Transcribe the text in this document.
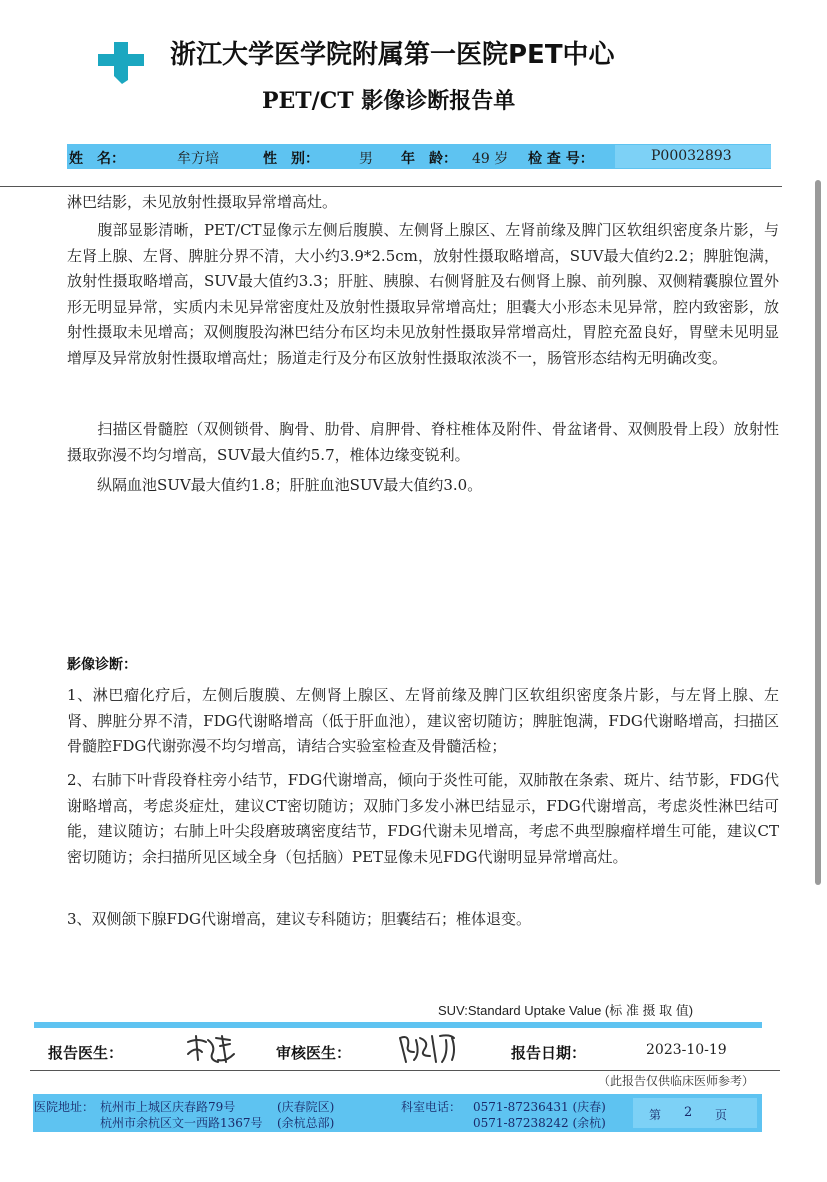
浙江大学医学院附属第一医院PET中心
PET/CT 影像诊断报告单
姓　名：	牟方培	性　别：	男 年　龄： 49 岁 检 查 号：	P00032893
淋巴结影，未见放射性摄取异常增高灶。
　　腹部显影清晰，PET/CT显像示左侧后腹膜、左侧肾上腺区、左肾前缘及脾门区软组织密度条片影，与左肾上腺、左肾、脾脏分界不清，大小约3.9*2.5cm，放射性摄取略增高，SUV最大值约2.2；脾脏饱满，放射性摄取略增高，SUV最大值约3.3；肝脏、胰腺、右侧肾脏及右侧肾上腺、前列腺、双侧精囊腺位置外形无明显异常，实质内未见异常密度灶及放射性摄取异常增高灶；胆囊大小形态未见异常，腔内致密影，放射性摄取未见增高；双侧腹股沟淋巴结分布区均未见放射性摄取异常增高灶，胃腔充盈良好，胃壁未见明显增厚及异常放射性摄取增高灶；肠道走行及分布区放射性摄取浓淡不一，肠管形态结构无明确改变。
　　扫描区骨髓腔（双侧锁骨、胸骨、肋骨、肩胛骨、脊柱椎体及附件、骨盆诸骨、双侧股骨上段）放射性摄取弥漫不均匀增高，SUV最大值约5.7，椎体边缘变锐利。
　　纵隔血池SUV最大值约1.8；肝脏血池SUV最大值约3.0。
影像诊断：
1、淋巴瘤化疗后，左侧后腹膜、左侧肾上腺区、左肾前缘及脾门区软组织密度条片影，与左肾上腺、左肾、脾脏分界不清，FDG代谢略增高（低于肝血池），建议密切随访；脾脏饱满，FDG代谢略增高，扫描区骨髓腔FDG代谢弥漫不均匀增高，请结合实验室检查及骨髓活检；
2、右肺下叶背段脊柱旁小结节，FDG代谢增高，倾向于炎性可能，双肺散在条索、斑片、结节影，FDG代谢略增高，考虑炎症灶，建议CT密切随访；双肺门多发小淋巴结显示，FDG代谢增高，考虑炎性淋巴结可能，建议随访；右肺上叶尖段磨玻璃密度结节，FDG代谢未见增高，考虑不典型腺瘤样增生可能，建议CT密切随访；余扫描所见区域全身（包括脑）PET显像未见FDG代谢明显异常增高灶。
3、双侧颌下腺FDG代谢增高，建议专科随访；胆囊结石；椎体退变。
SUV:Standard Uptake Value (标 准 摄 取 值)
报告医生：	审核医生：	报告日期：	2023-10-19
（此报告仅供临床医师参考）
医院地址： 杭州市上城区庆春路79号	(庆春院区)
杭州市余杭区文一西路1367号 (余杭总部)
科室电话： 0571-87236431 (庆春)
0571-87238242 (余杭)
第 2 页
